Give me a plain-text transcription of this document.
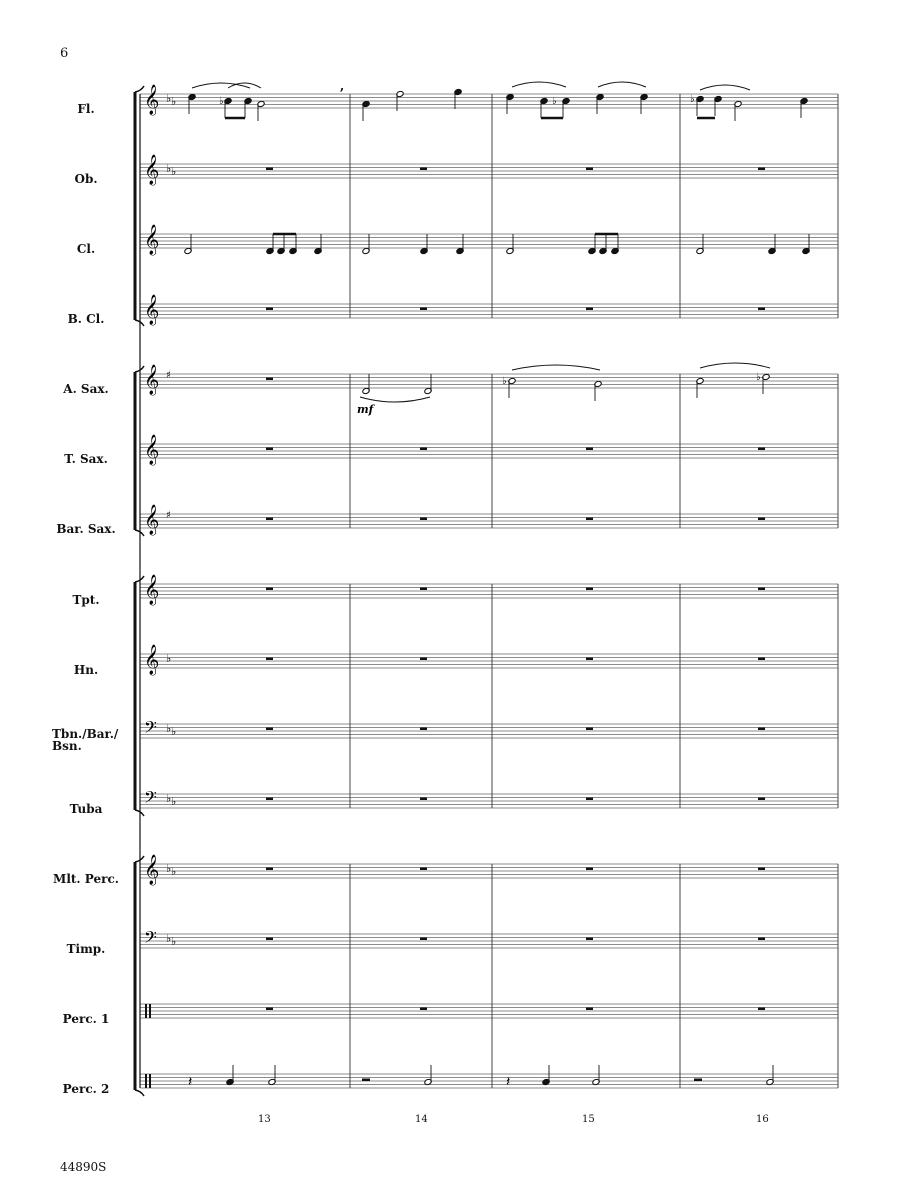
6
Fl.
Ob.
Cl.
B. Cl.
A. Sax.
T. Sax.
Bar. Sax.
Tpt.
Hn.
Tbn./Bar./ Bsn.
Tuba
Mlt. Perc.
Timp.
Perc. 1
Perc. 2
𝄞
𝄞
𝄞
𝄞
𝄞
𝄞
𝄞
𝄞
𝄞
𝄢
𝄢
𝄞
𝄢
♭ ♭
♭ ♭
♯
♯
♭
♭ ♭
♭ ♭
♭ ♭
♭ ♭
♭
,
♭	♭
♭	♭
𝄽	𝄽
mf
13	14	15	16
44890S
